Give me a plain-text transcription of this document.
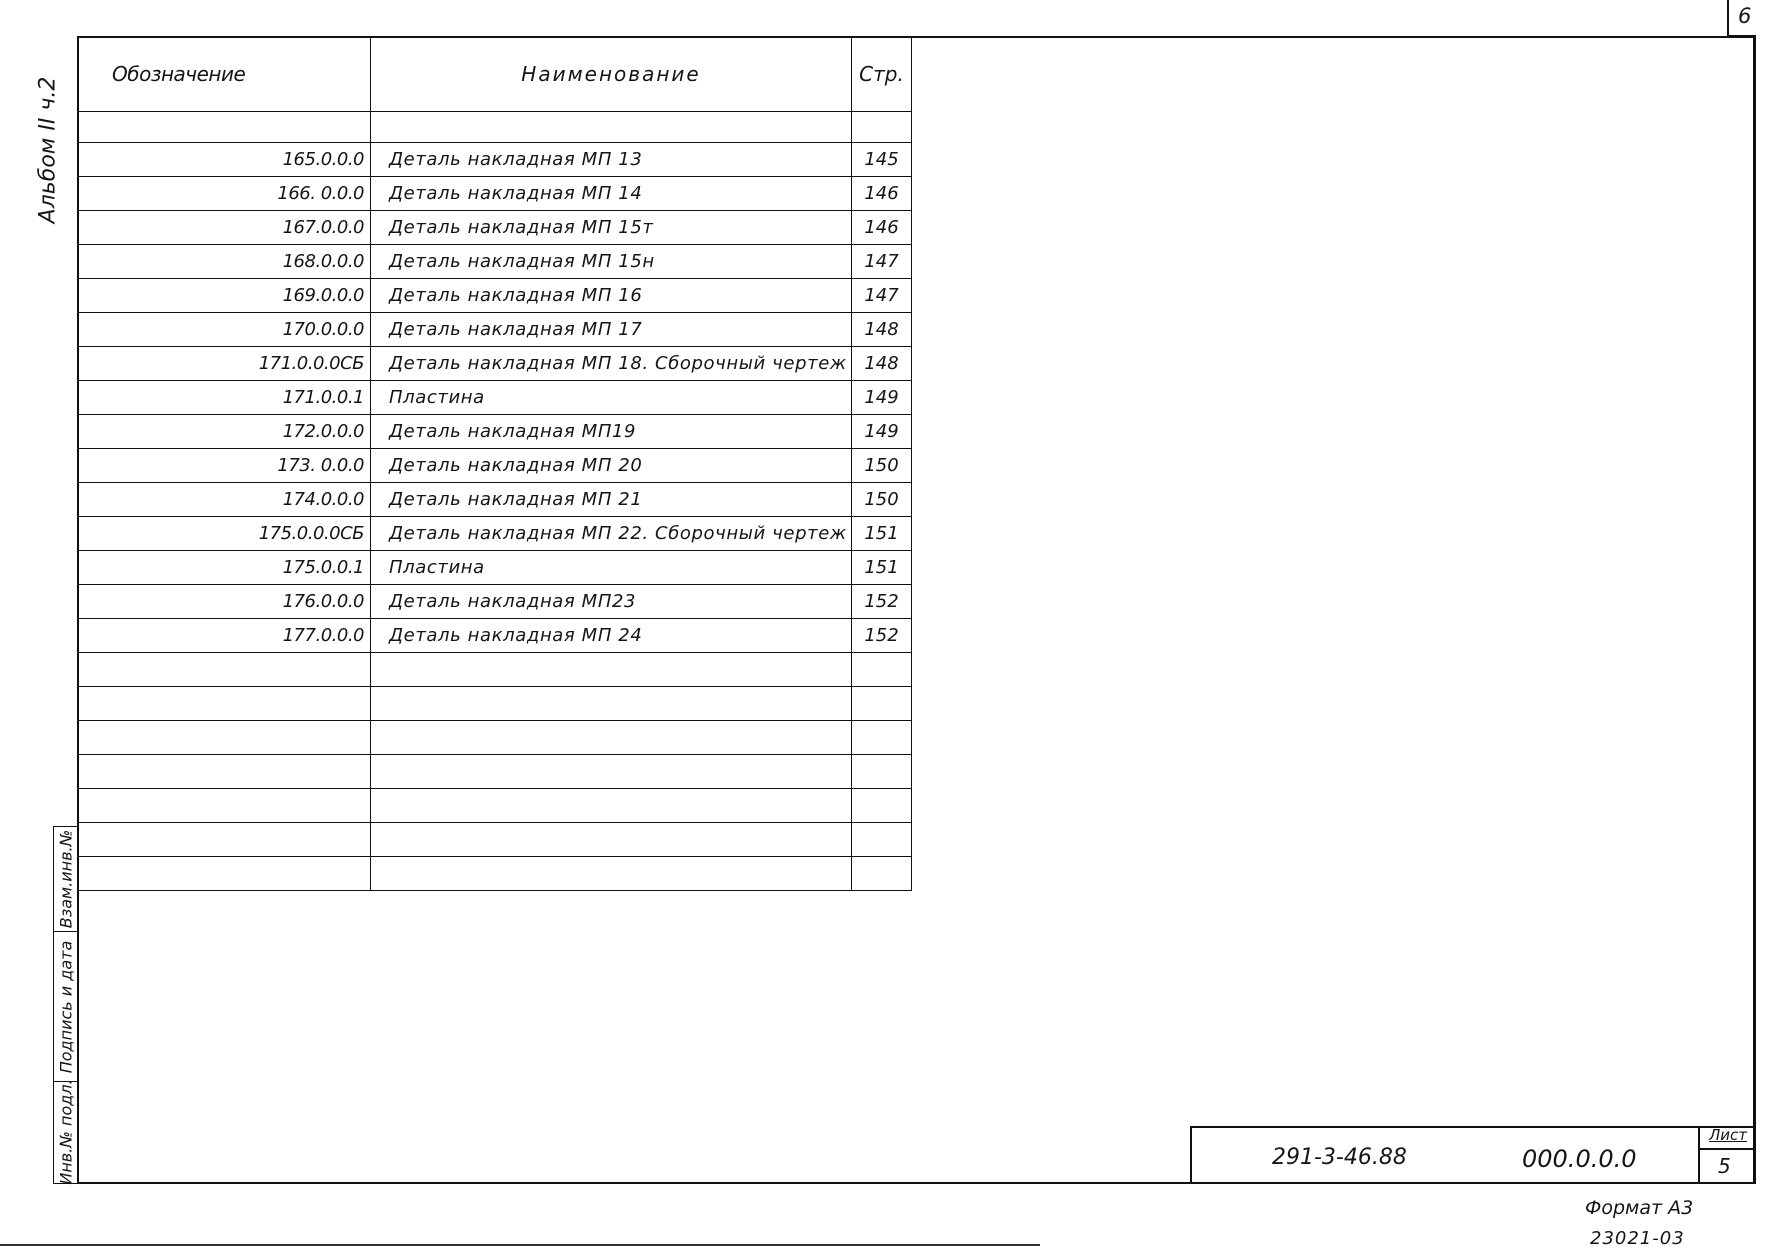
6
Альбом II ч.2
Обозначение	Наименование	Стр.

165.0.0.0	Деталь накладная МП 13	145
166. 0.0.0	Деталь накладная МП 14	146
167.0.0.0	Деталь накладная МП 15т	146
168.0.0.0	Деталь накладная МП 15н	147
169.0.0.0	Деталь накладная МП 16	147
170.0.0.0	Деталь накладная МП 17	148
171.0.0.0СБ	Деталь накладная МП 18. Сборочный чертеж	148
171.0.0.1	Пластина	149
172.0.0.0	Деталь накладная МП19	149
173. 0.0.0	Деталь накладная МП 20	150
174.0.0.0	Деталь накладная МП 21	150
175.0.0.0СБ	Деталь накладная МП 22. Сборочный чертеж	151
175.0.0.1	Пластина	151
176.0.0.0	Деталь накладная МП23	152
177.0.0.0	Деталь накладная МП 24	152

Взам.инв.№
Подпись и дата
Инв.№ подл.	291-3-46.88	000.0.0.0
Лист
5
Формат А3
23021-03
